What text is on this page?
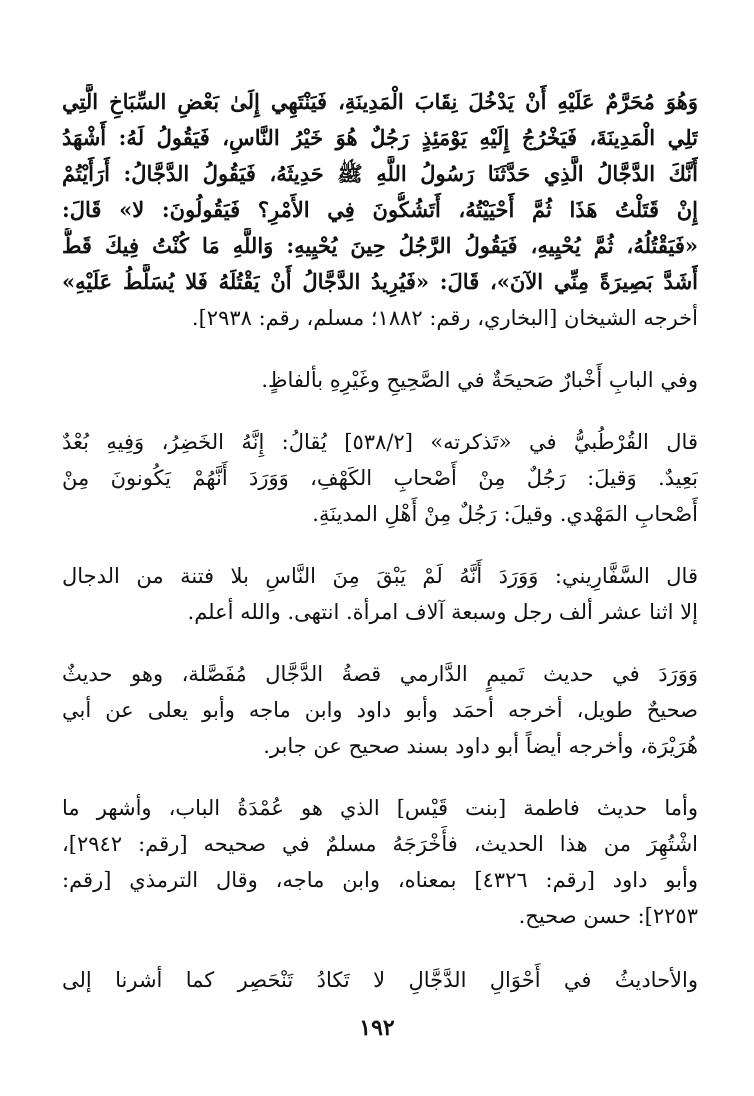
وَهُوَ مُحَرَّمٌ عَلَيْهِ أَنْ يَدْخُلَ نِقَابَ الْمَدِينَةِ، فَيَنْتَهِي إِلَىٰ بَعْضِ السِّبَاخِ الَّتِي
تَلِي الْمَدِينَةَ، فَيَخْرُجُ إِلَيْهِ يَوْمَئِذٍ رَجُلٌ هُوَ خَيْرُ النَّاسِ، فَيَقُولُ لَهُ: أَشْهَدُ
أَنَّكَ الدَّجَّالُ الَّذِي حَدَّثَنَا رَسُولُ اللَّهِ ﷺ حَدِيثَهُ، فَيَقُولُ الدَّجَّالُ: أَرَأَيْتُمْ
إِنْ قَتَلْتُ هَذَا ثُمَّ أَحْيَيْتُهُ، أَتَشُكُّونَ فِي الأَمْرِ؟ فَيَقُولُونَ: لا» قَالَ:
«فَيَقْتُلُهُ، ثُمَّ يُحْيِيهِ، فَيَقُولُ الرَّجُلُ حِينَ يُحْيِيهِ: وَاللَّهِ مَا كُنْتُ فِيكَ قَطُّ
أَشَدَّ بَصِيرَةً مِنِّي الآنَ»، قَالَ: «فَيُرِيدُ الدَّجَّالُ أَنْ يَقْتُلَهُ فَلا يُسَلَّطُ عَلَيْهِ»
أخرجه الشيخان [البخاري، رقم: ١٨٨٢؛ مسلم، رقم: ٢٩٣٨].
وفي البابِ أَخْبارٌ صَحيحَةٌ في الصَّحِيحِ وغَيْرِهِ بألفاظٍ.
قال القُرْطُبيُّ في «تَذكرته» [٥٣٨/٢] يُقالُ: إِنَّهُ الخَضِرُ، وَفِيهِ بُعْدٌ
بَعِيدٌ. وَقيلَ: رَجُلٌ مِنْ أَصْحابِ الكَهْفِ، وَوَرَدَ أَنَّهُمْ يَكُونونَ مِنْ
أَصْحابِ المَهْدي. وقيلَ: رَجُلٌ مِنْ أَهْلِ المدينَةِ.
قال السَّفَّارِيني: وَوَرَدَ أَنَّهُ لَمْ يَبْقَ مِنَ النَّاسِ بلا فتنة من الدجال
إلا اثنا عشر ألف رجل وسبعة آلاف امرأة. انتهى. والله أعلم.
وَوَرَدَ في حديث تَميمٍ الدَّارمي قصةُ الدَّجَّال مُفَصَّلة، وهو حديثٌ
صحيحٌ طويل، أخرجه أحمَد وأبو داود وابن ماجه وأبو يعلى عن أبي
هُرَيْرَة، وأخرجه أيضاً أبو داود بسند صحيح عن جابر.
وأما حديث فاطمة [بنت قَيْس] الذي هو عُمْدَةُ الباب، وأشهر ما
اشْتُهِرَ من هذا الحديث، فأَخْرَجَهُ مسلمٌ في صحيحه [رقم: ٢٩٤٢]،
وأبو داود [رقم: ٤٣٢٦] بمعناه، وابن ماجه، وقال الترمذي [رقم:
٢٢٥٣]: حسن صحيح.
والأحاديثُ في أَحْوَالِ الدَّجَّالِ لا تَكادُ تَنْحَصِر كما أشرنا إلى
١٩٢
